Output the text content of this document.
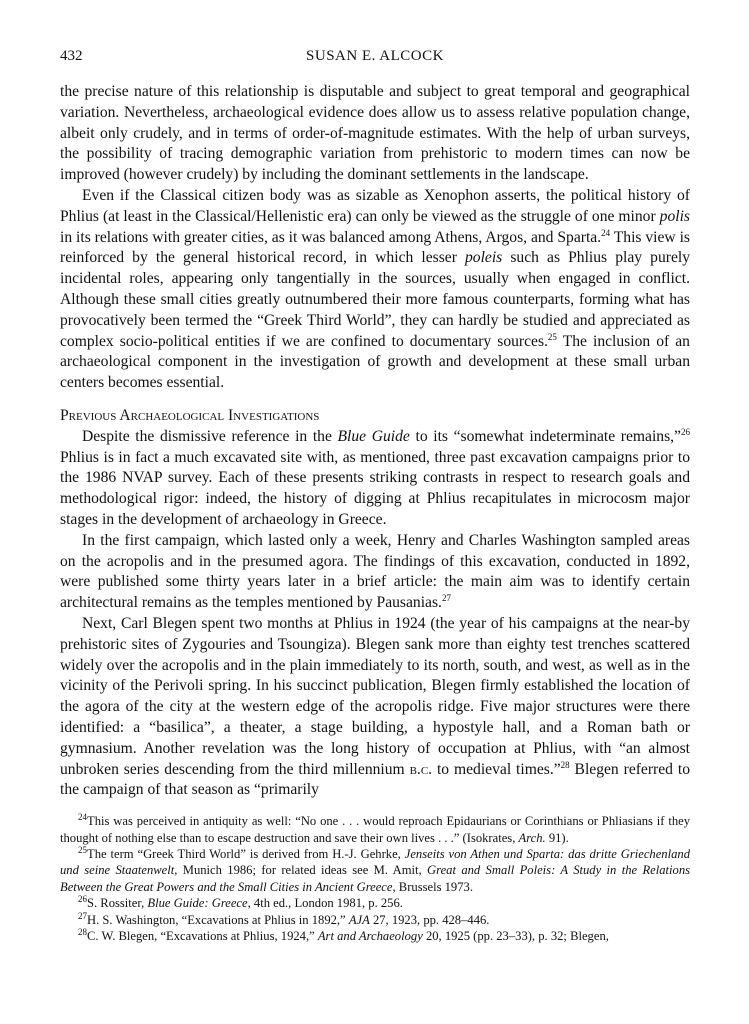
432	SUSAN E. ALCOCK

the precise nature of this relationship is disputable and subject to great temporal and geographical variation. Nevertheless, archaeological evidence does allow us to assess relative population change, albeit only crudely, and in terms of order-of-magnitude estimates. With the help of urban surveys, the possibility of tracing demographic variation from prehistoric to modern times can now be improved (however crudely) by including the dominant settlements in the landscape.

Even if the Classical citizen body was as sizable as Xenophon asserts, the political history of Phlius (at least in the Classical/Hellenistic era) can only be viewed as the struggle of one minor polis in its relations with greater cities, as it was balanced among Athens, Argos, and Sparta.$^{24}$ This view is reinforced by the general historical record, in which lesser poleis such as Phlius play purely incidental roles, appearing only tangentially in the sources, usually when engaged in conflict. Although these small cities greatly outnumbered their more famous counterparts, forming what has provocatively been termed the “Greek Third World”, they can hardly be studied and appreciated as complex socio-political entities if we are confined to documentary sources.$^{25}$ The inclusion of an archaeological component in the investigation of growth and development at these small urban centers becomes essential.

Previous Archaeological Investigations

Despite the dismissive reference in the Blue Guide to its “somewhat indeterminate remains,”$^{26}$ Phlius is in fact a much excavated site with, as mentioned, three past excavation campaigns prior to the 1986 NVAP survey. Each of these presents striking contrasts in respect to research goals and methodological rigor: indeed, the history of digging at Phlius recapitulates in microcosm major stages in the development of archaeology in Greece.

In the first campaign, which lasted only a week, Henry and Charles Washington sampled areas on the acropolis and in the presumed agora. The findings of this excavation, conducted in 1892, were published some thirty years later in a brief article: the main aim was to identify certain architectural remains as the temples mentioned by Pausanias.$^{27}$

Next, Carl Blegen spent two months at Phlius in 1924 (the year of his campaigns at the near-by prehistoric sites of Zygouries and Tsoungiza). Blegen sank more than eighty test trenches scattered widely over the acropolis and in the plain immediately to its north, south, and west, as well as in the vicinity of the Perivoli spring. In his succinct publication, Blegen firmly established the location of the agora of the city at the western edge of the acropolis ridge. Five major structures were there identified: a “basilica”, a theater, a stage building, a hypostyle hall, and a Roman bath or gymnasium. Another revelation was the long history of occupation at Phlius, with “an almost unbroken series descending from the third millennium b.c. to medieval times.”$^{28}$ Blegen referred to the campaign of that season as “primarily

$^{24}$This was perceived in antiquity as well: “No one . . . would reproach Epidaurians or Corinthians or Phliasians if they thought of nothing else than to escape destruction and save their own lives . . .” (Isokrates, Arch. 91).

$^{25}$The term “Greek Third World” is derived from H.-J. Gehrke, Jenseits von Athen und Sparta: das dritte Griechenland und seine Staatenwelt, Munich 1986; for related ideas see M. Amit, Great and Small Poleis: A Study in the Relations Between the Great Powers and the Small Cities in Ancient Greece, Brussels 1973.

$^{26}$S. Rossiter, Blue Guide: Greece, 4th ed., London 1981, p. 256.

$^{27}$H. S. Washington, “Excavations at Phlius in 1892,” AJA 27, 1923, pp. 428–446.

$^{28}$C. W. Blegen, “Excavations at Phlius, 1924,” Art and Archaeology 20, 1925 (pp. 23–33), p. 32; Blegen,
